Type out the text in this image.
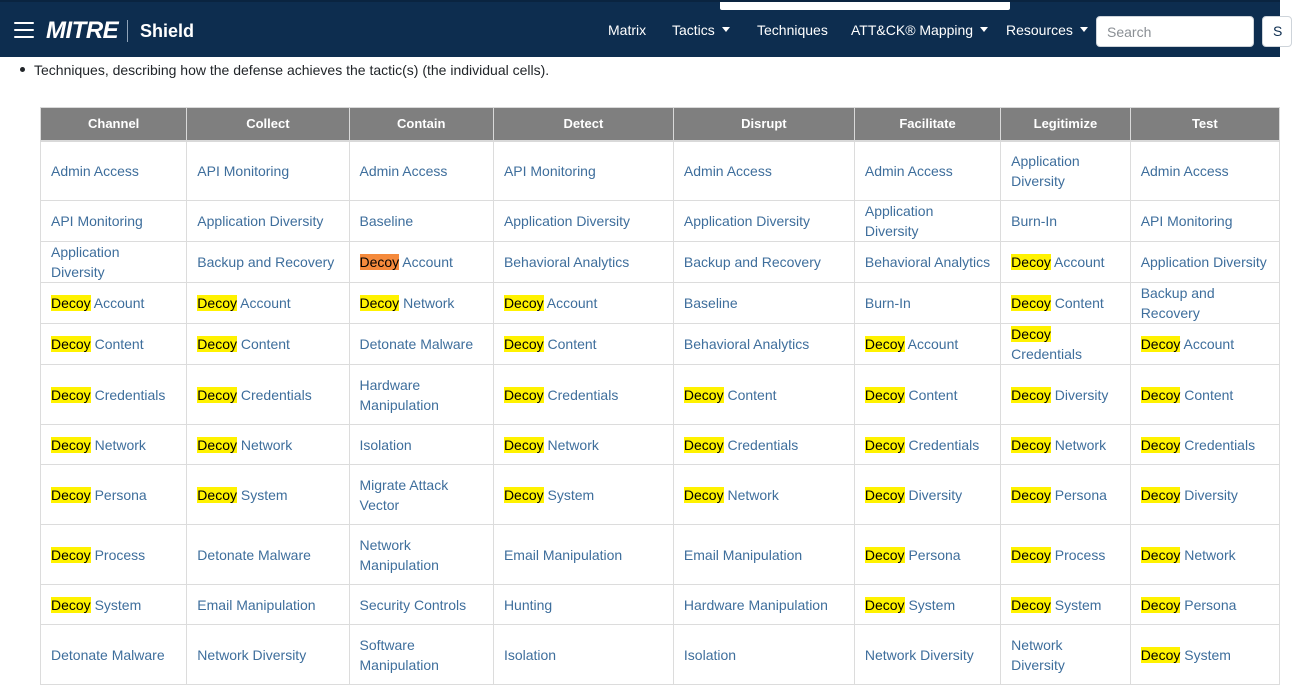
MITRE Shield	Matrix Tactics	Techniques ATT&CK® Mapping	Resources
Search	S
Techniques, describing how the defense achieves the tactic(s) (the individual cells).
Channel	Collect	Contain	Detect	Disrupt	Facilitate	Legitimize	Test
Admin Access	API Monitoring	Admin Access	API Monitoring	Admin Access	Admin Access	Application Diversity	Admin Access
API Monitoring	Application Diversity	Baseline	Application Diversity	Application Diversity	Application Diversity	Burn-In	API Monitoring
Application Diversity	Backup and Recovery	Decoy Account	Behavioral Analytics	Backup and Recovery	Behavioral Analytics	Decoy Account	Application Diversity
Decoy Account	Decoy Account	Decoy Network	Decoy Account	Baseline	Burn-In	Decoy Content	Backup and Recovery
Decoy Content	Decoy Content	Detonate Malware	Decoy Content	Behavioral Analytics	Decoy Account	Decoy Credentials	Decoy Account
Decoy Credentials	Decoy Credentials	Hardware Manipulation	Decoy Credentials	Decoy Content	Decoy Content	Decoy Diversity	Decoy Content
Decoy Network	Decoy Network	Isolation	Decoy Network	Decoy Credentials	Decoy Credentials	Decoy Network	Decoy Credentials
Decoy Persona	Decoy System	Migrate Attack Vector	Decoy System	Decoy Network	Decoy Diversity	Decoy Persona	Decoy Diversity
Decoy Process	Detonate Malware	Network Manipulation	Email Manipulation	Email Manipulation	Decoy Persona	Decoy Process	Decoy Network
Decoy System	Email Manipulation	Security Controls	Hunting	Hardware Manipulation	Decoy System	Decoy System	Decoy Persona
Detonate Malware	Network Diversity	Software Manipulation	Isolation	Isolation	Network Diversity	Network Diversity	Decoy System
